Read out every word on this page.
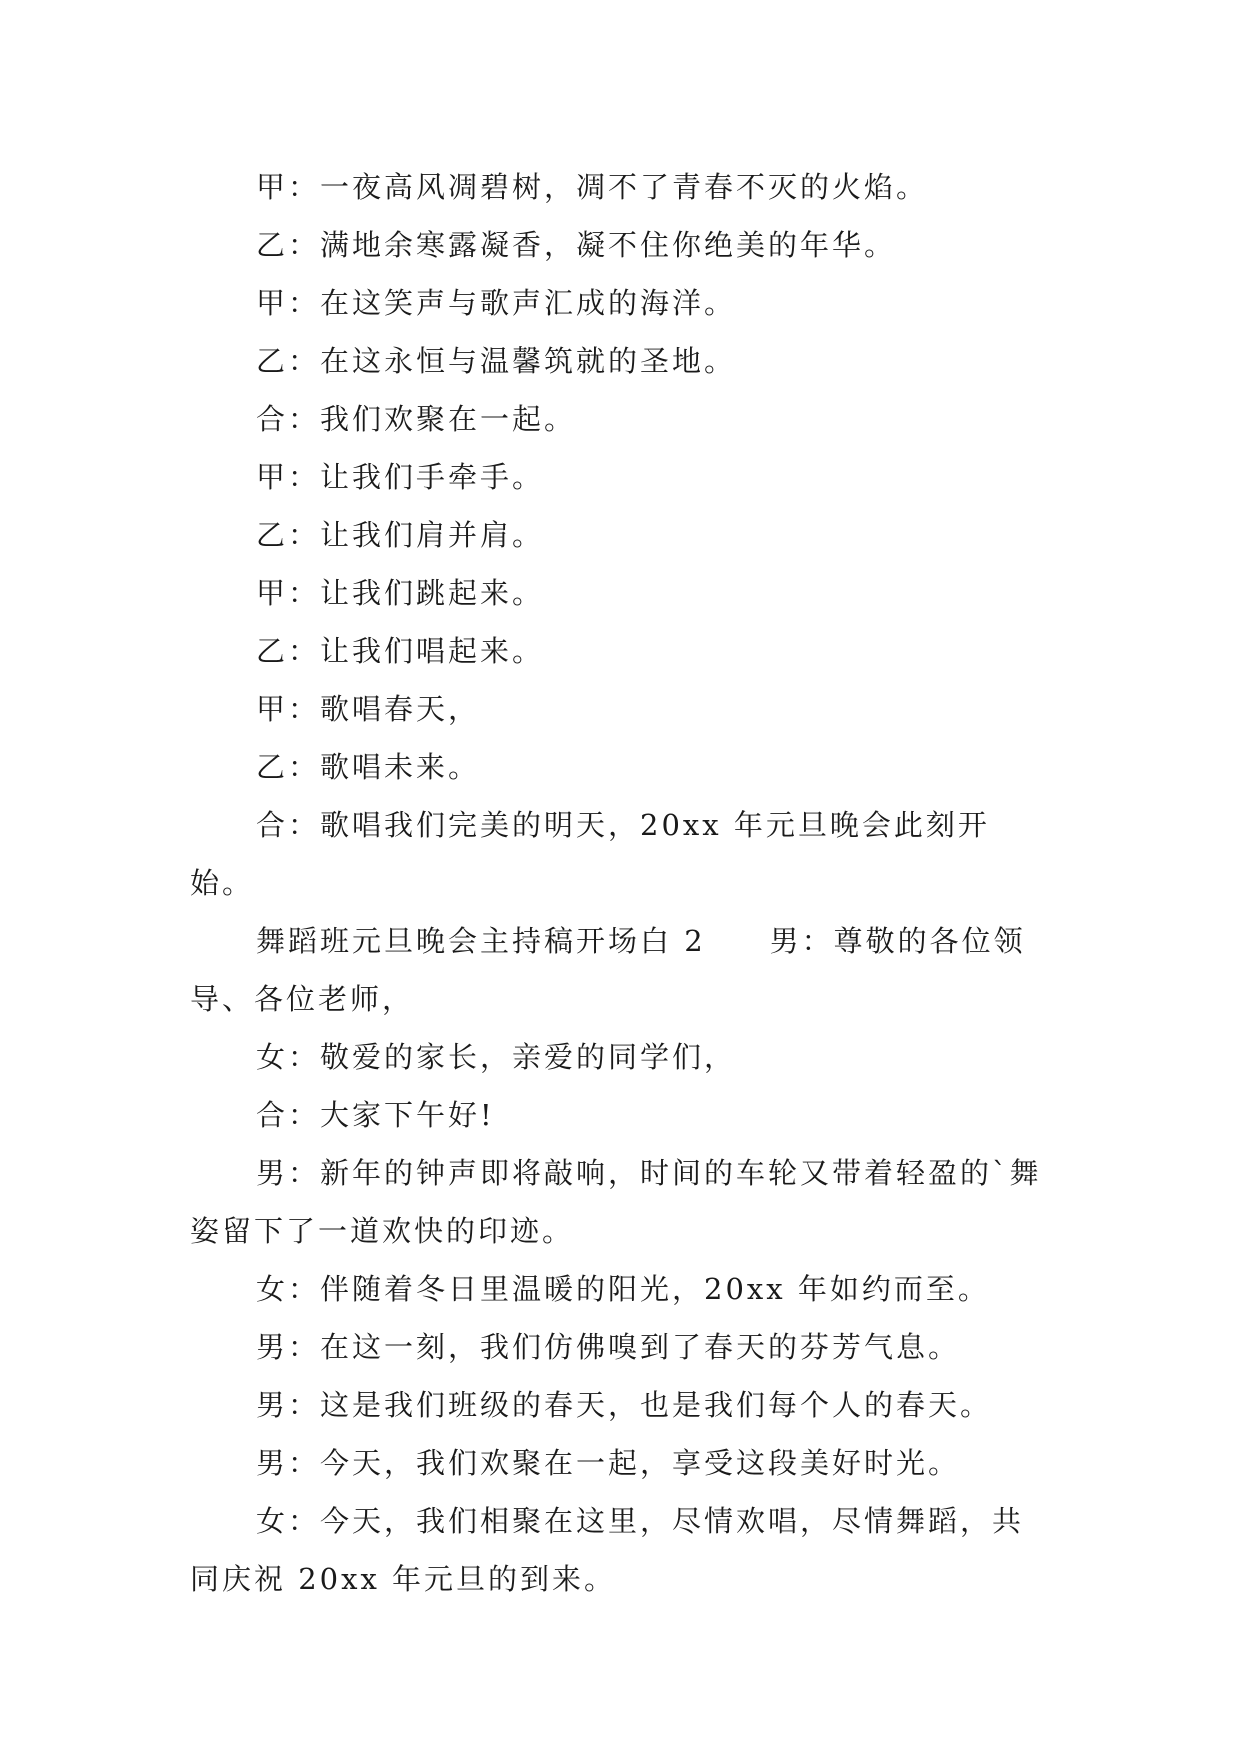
甲：一夜高风凋碧树，凋不了青春不灭的火焰。

乙：满地余寒露凝香，凝不住你绝美的年华。

甲：在这笑声与歌声汇成的海洋。

乙：在这永恒与温馨筑就的圣地。

合：我们欢聚在一起。

甲：让我们手牵手。

乙：让我们肩并肩。

甲：让我们跳起来。

乙：让我们唱起来。

甲：歌唱春天，

乙：歌唱未来。

合：歌唱我们完美的明天，20xx 年元旦晚会此刻开始。

舞蹈班元旦晚会主持稿开场白 2　　男：尊敬的各位领导、各位老师，

女：敬爱的家长，亲爱的同学们，

合：大家下午好!

男：新年的钟声即将敲响，时间的车轮又带着轻盈的`舞姿留下了一道欢快的印迹。

女：伴随着冬日里温暖的阳光，20xx 年如约而至。

男：在这一刻，我们仿佛嗅到了春天的芬芳气息。

男：这是我们班级的春天，也是我们每个人的春天。

男：今天，我们欢聚在一起，享受这段美好时光。

女：今天，我们相聚在这里，尽情欢唱，尽情舞蹈，共同庆祝 20xx 年元旦的到来。
